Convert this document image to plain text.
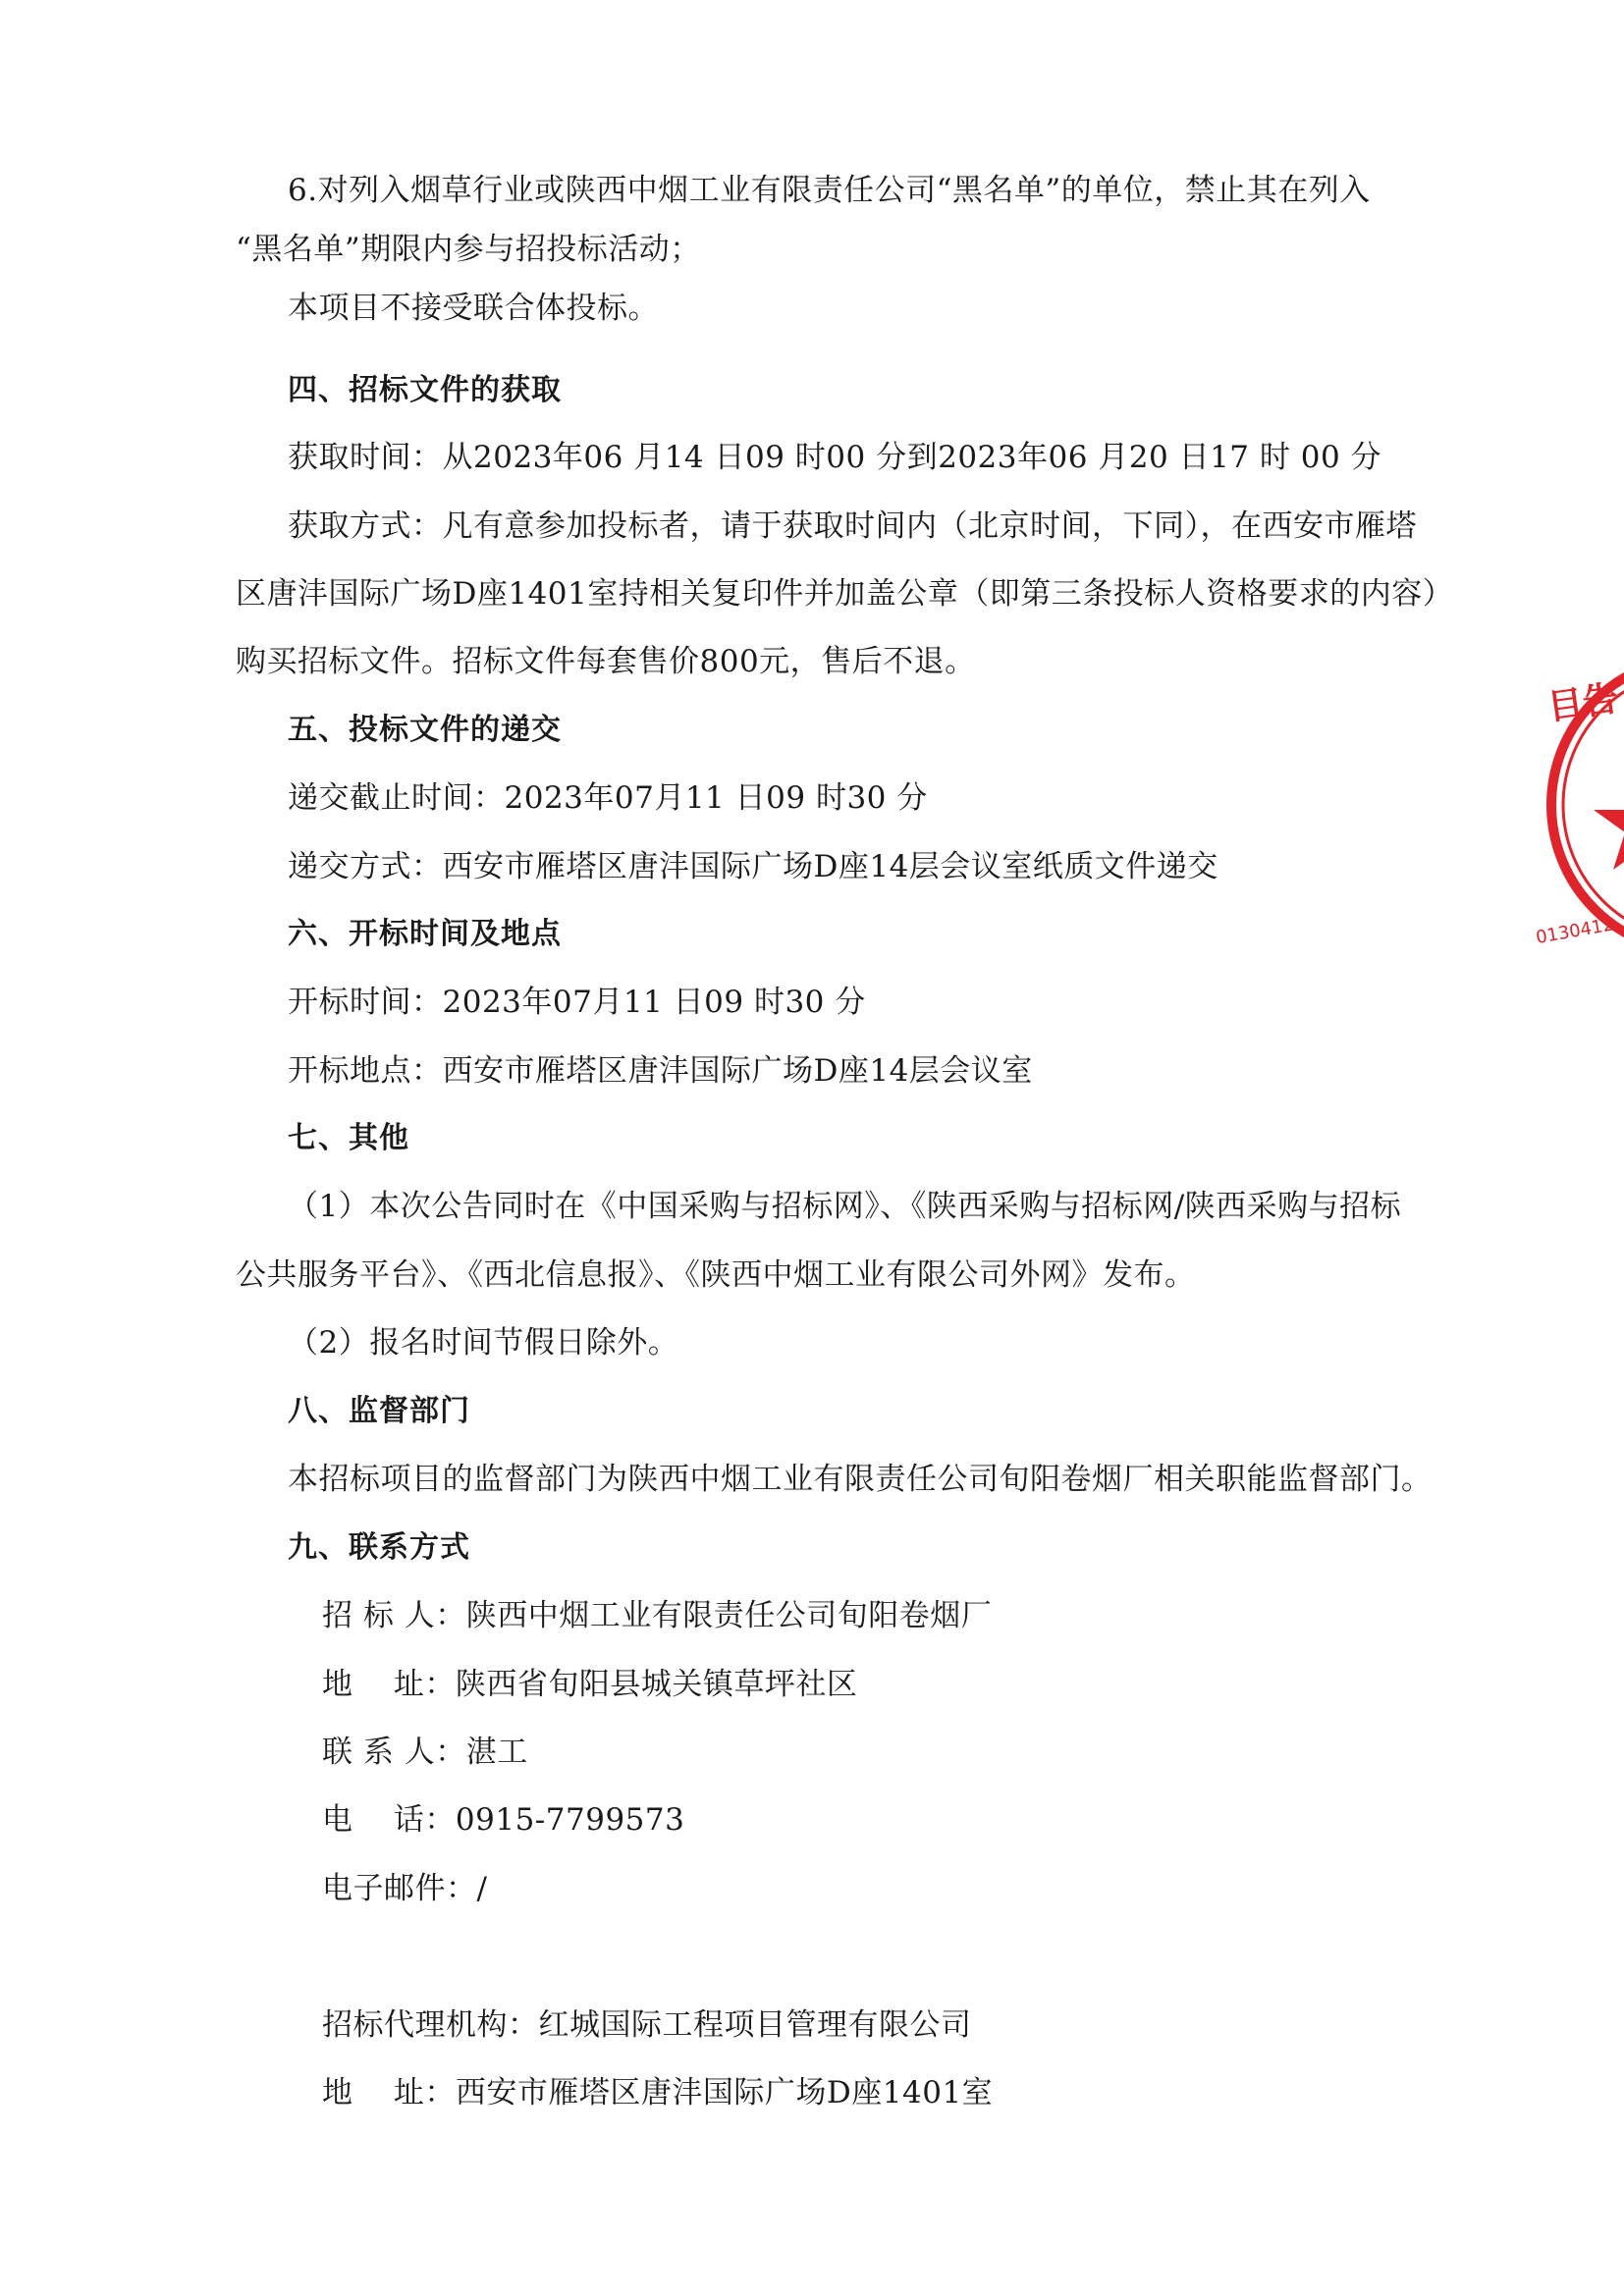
6.对列入烟草行业或陕西中烟工业有限责任公司“黑名单”的单位，禁止其在列入
“黑名单”期限内参与招投标活动；
本项目不接受联合体投标。
四、招标文件的获取
获取时间：从2023年06 月14 日09 时00 分到2023年06 月20 日17 时 00 分
获取方式：凡有意参加投标者，请于获取时间内（北京时间，下同），在西安市雁塔
区唐沣国际广场D座1401室持相关复印件并加盖公章（即第三条投标人资格要求的内容）
购买招标文件。招标文件每套售价800元，售后不退。
五、投标文件的递交
递交截止时间：2023年07月11 日09 时30 分
递交方式：西安市雁塔区唐沣国际广场D座14层会议室纸质文件递交
六、开标时间及地点
开标时间：2023年07月11 日09 时30 分
开标地点：西安市雁塔区唐沣国际广场D座14层会议室
七、其他
（1）本次公告同时在《中国采购与招标网》、《陕西采购与招标网/陕西采购与招标
公共服务平台》、《西北信息报》、《陕西中烟工业有限公司外网》发布。
（2）报名时间节假日除外。
八、监督部门
本招标项目的监督部门为陕西中烟工业有限责任公司旬阳卷烟厂相关职能监督部门。
九、联系方式
招 标 人：陕西中烟工业有限责任公司旬阳卷烟厂
地    址：陕西省旬阳县城关镇草坪社区
联 系 人：湛工
电    话：0915-7799573
电子邮件：/
招标代理机构：红城国际工程项目管理有限公司
地    址：西安市雁塔区唐沣国际广场D座1401室
目告
0130412
